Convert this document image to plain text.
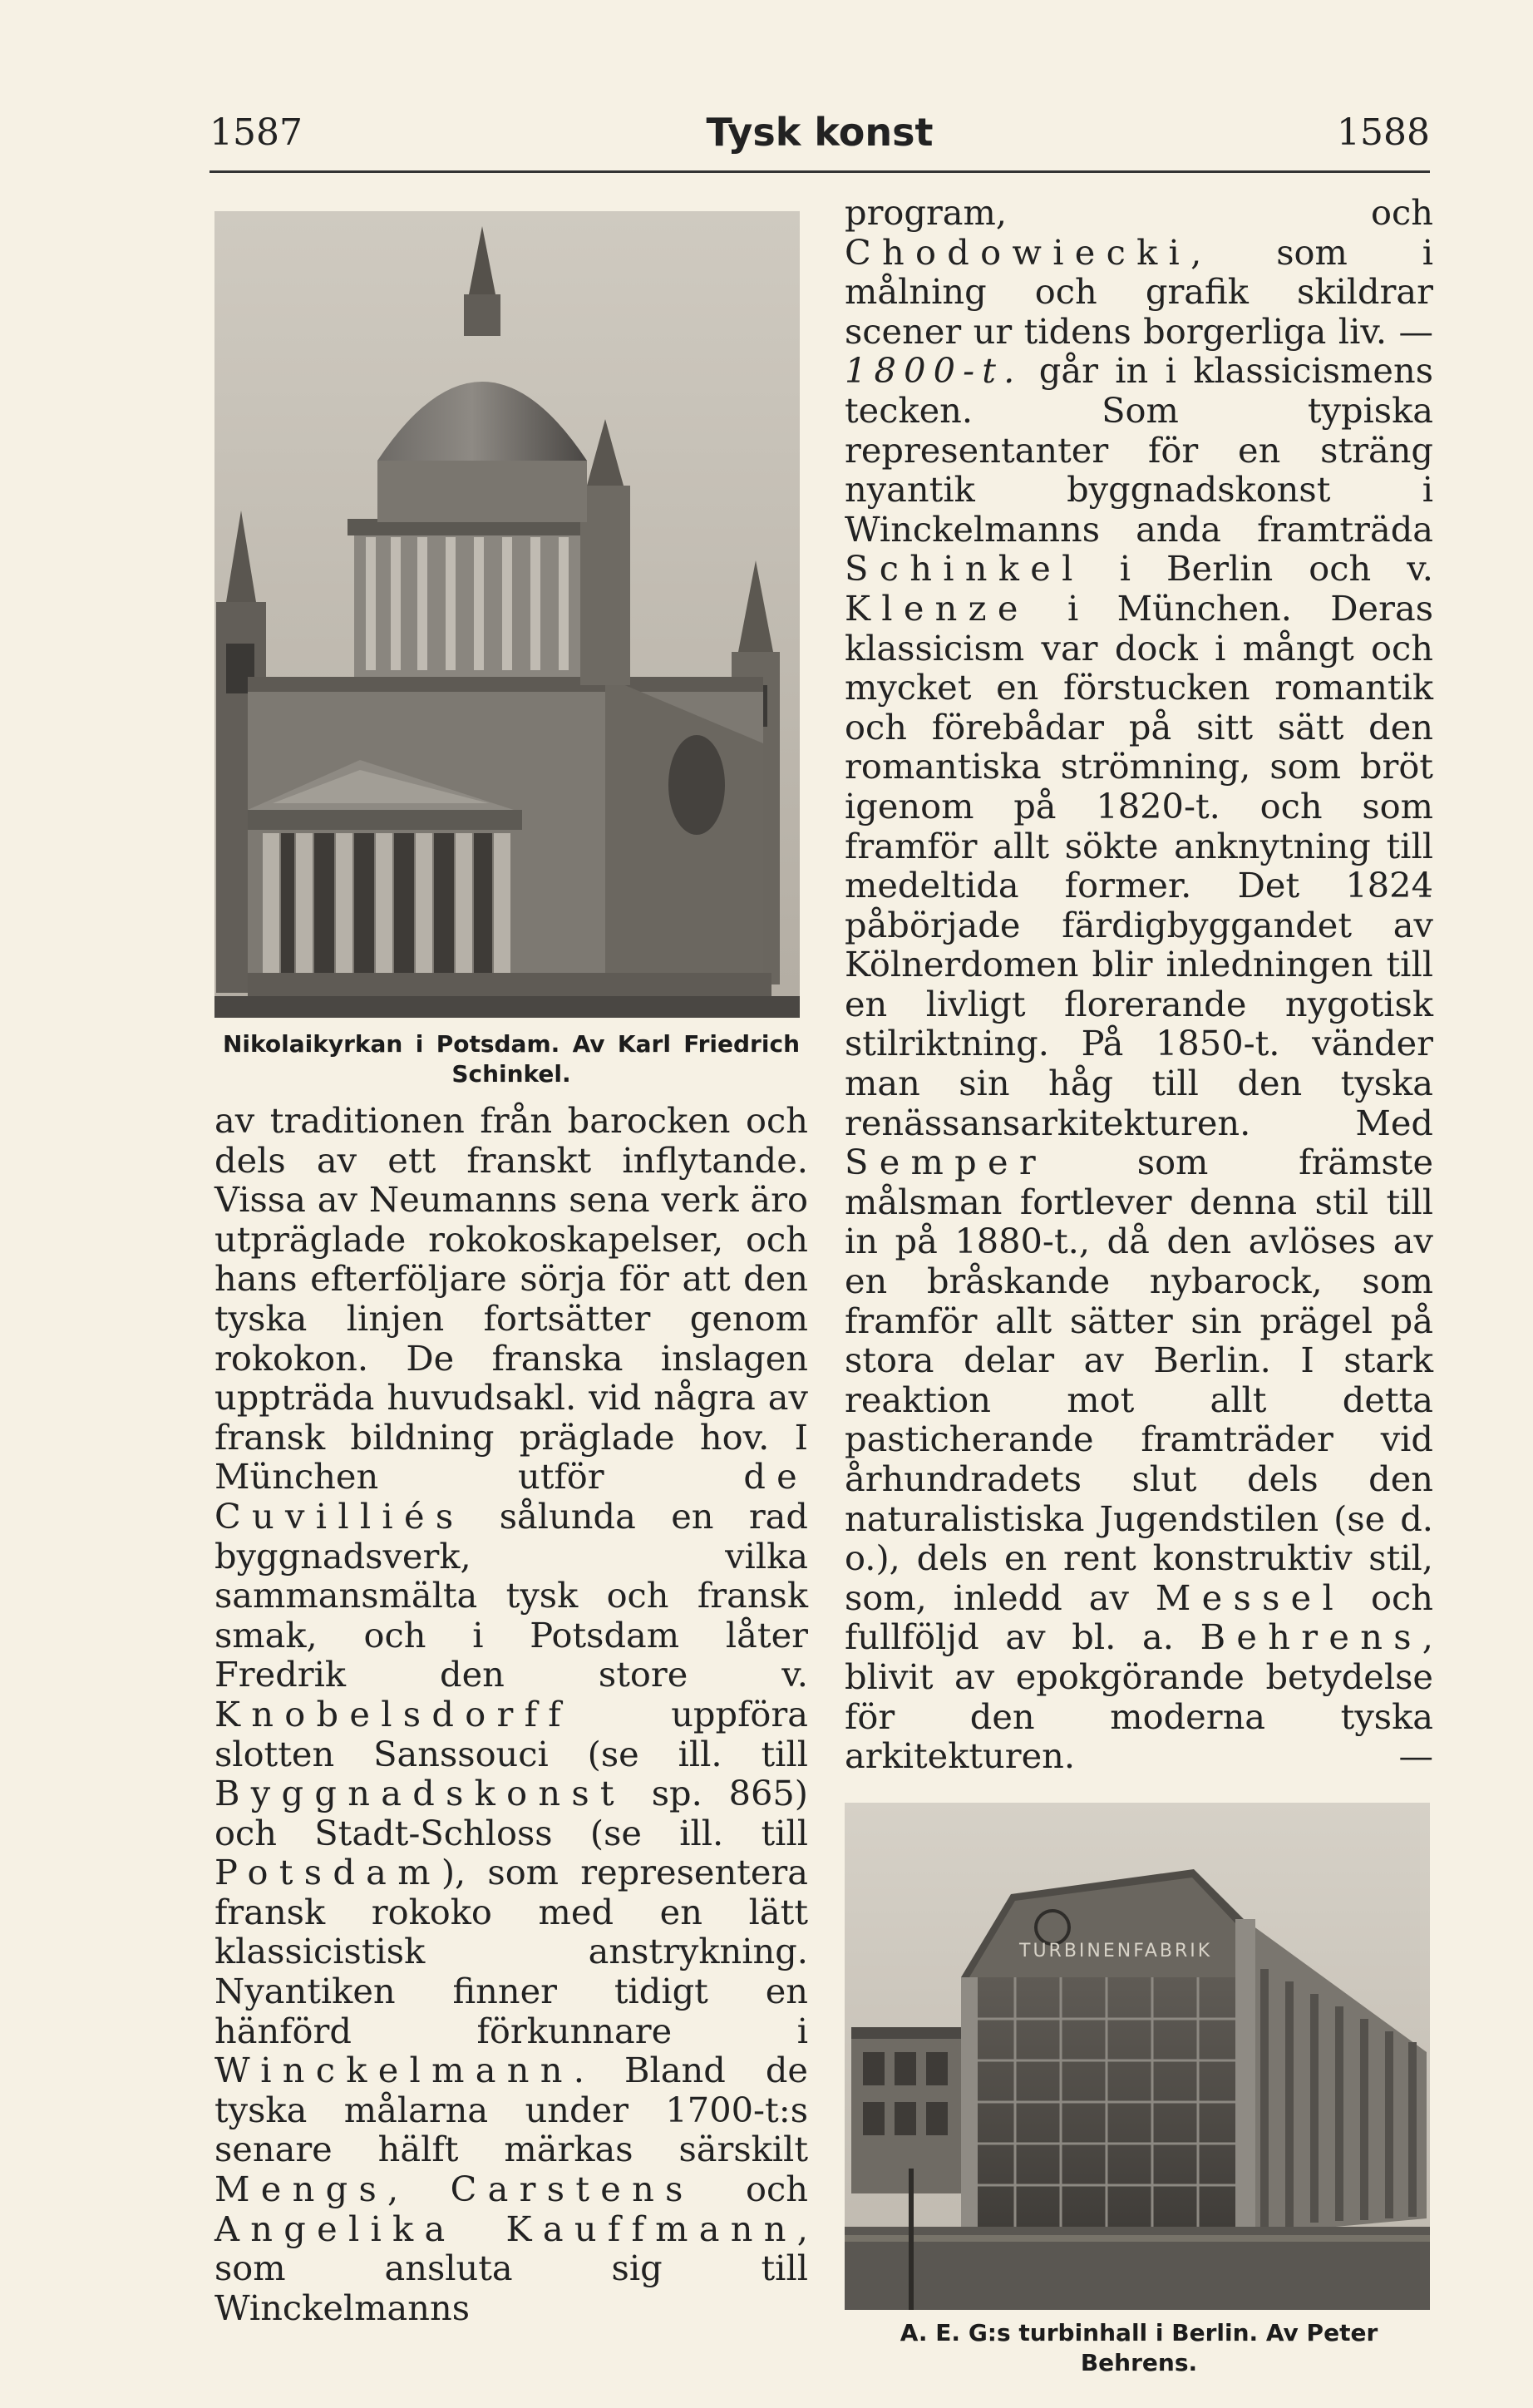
1587	Tysk konst	1588
Nikolaikyrkan i Potsdam. Av Karl Friedrich Schinkel.

av traditionen från barocken och dels av ett franskt inflytande. Vissa av Neumanns sena verk äro utpräglade rokokoskapelser, och hans efterföljare sörja för att den tyska linjen fortsätter genom rokokon. De franska inslagen uppträda huvudsakl. vid några av fransk bildning präglade hov. I München utför de Cuvilliés sålunda en rad byggnadsverk, vilka sammansmälta tysk och fransk smak, och i Potsdam låter Fredrik den store v. Knobelsdorff uppföra slotten Sanssouci (se ill. till Byggnadskonst sp. 865) och Stadt-Schloss (se ill. till Potsdam), som representera fransk rokoko med en lätt klassicistisk anstrykning. Nyantiken finner tidigt en hänförd förkunnare i Winckelmann. Bland de tyska målarna under 1700-t:s senare hälft märkas särskilt Mengs, Carstens och Angelika Kauffmann, som ansluta sig till Winckelmanns

program, och Chodowiecki, som i målning och grafik skildrar scener ur tidens borgerliga liv. — 1800-t. går in i klassicismens tecken. Som typiska representanter för en sträng nyantik byggnadskonst i Winckelmanns anda framträda Schinkel i Berlin och v. Klenze i München. Deras klassicism var dock i mångt och mycket en förstucken romantik och förebådar på sitt sätt den romantiska strömning, som bröt igenom på 1820-t. och som framför allt sökte anknytning till medeltida former. Det 1824 påbörjade färdigbyggandet av Kölnerdomen blir inledningen till en livligt florerande nygotisk stilriktning. På 1850-t. vänder man sin håg till den tyska renässansarkitekturen. Med Semper som främste målsman fortlever denna stil till in på 1880-t., då den avlöses av en bråskande nybarock, som framför allt sätter sin prägel på stora delar av Berlin. I stark reaktion mot allt detta pasticherande framträder vid århundradets slut dels den naturalistiska Jugendstilen (se d. o.), dels en rent konstruktiv stil, som, inledd av Messel och fullföljd av bl. a. Behrens, blivit av epokgörande betydelse för den moderna tyska arkitekturen. —

TURBINENFABRIK
A. E. G:s turbinhall i Berlin. Av Peter Behrens.
